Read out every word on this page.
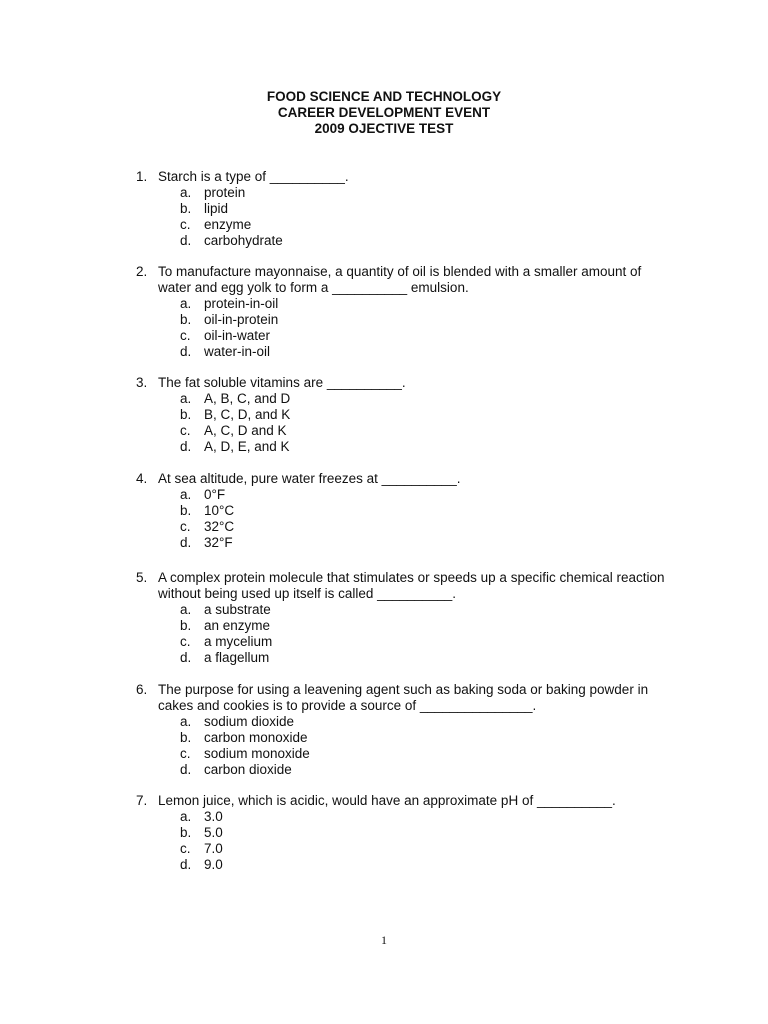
FOOD SCIENCE AND TECHNOLOGY
CAREER DEVELOPMENT EVENT
2009 OJECTIVE TEST
1. Starch is a type of __________.
a. protein
b. lipid
c. enzyme
d. carbohydrate
2. To manufacture mayonnaise, a quantity of oil is blended with a smaller amount of water and egg yolk to form a __________ emulsion.
a. protein-in-oil
b. oil-in-protein
c. oil-in-water
d. water-in-oil
3. The fat soluble vitamins are __________.
a. A, B, C, and D
b. B, C, D, and K
c. A, C, D and K
d. A, D, E, and K
4. At sea altitude, pure water freezes at __________.
a. 0°F
b. 10°C
c. 32°C
d. 32°F
5. A complex protein molecule that stimulates or speeds up a specific chemical reaction without being used up itself is called __________.
a. a substrate
b. an enzyme
c. a mycelium
d. a flagellum
6. The purpose for using a leavening agent such as baking soda or baking powder in cakes and cookies is to provide a source of _______________.
a. sodium dioxide
b. carbon monoxide
c. sodium monoxide
d. carbon dioxide
7. Lemon juice, which is acidic, would have an approximate pH of __________.
a. 3.0
b. 5.0
c. 7.0
d. 9.0
1
